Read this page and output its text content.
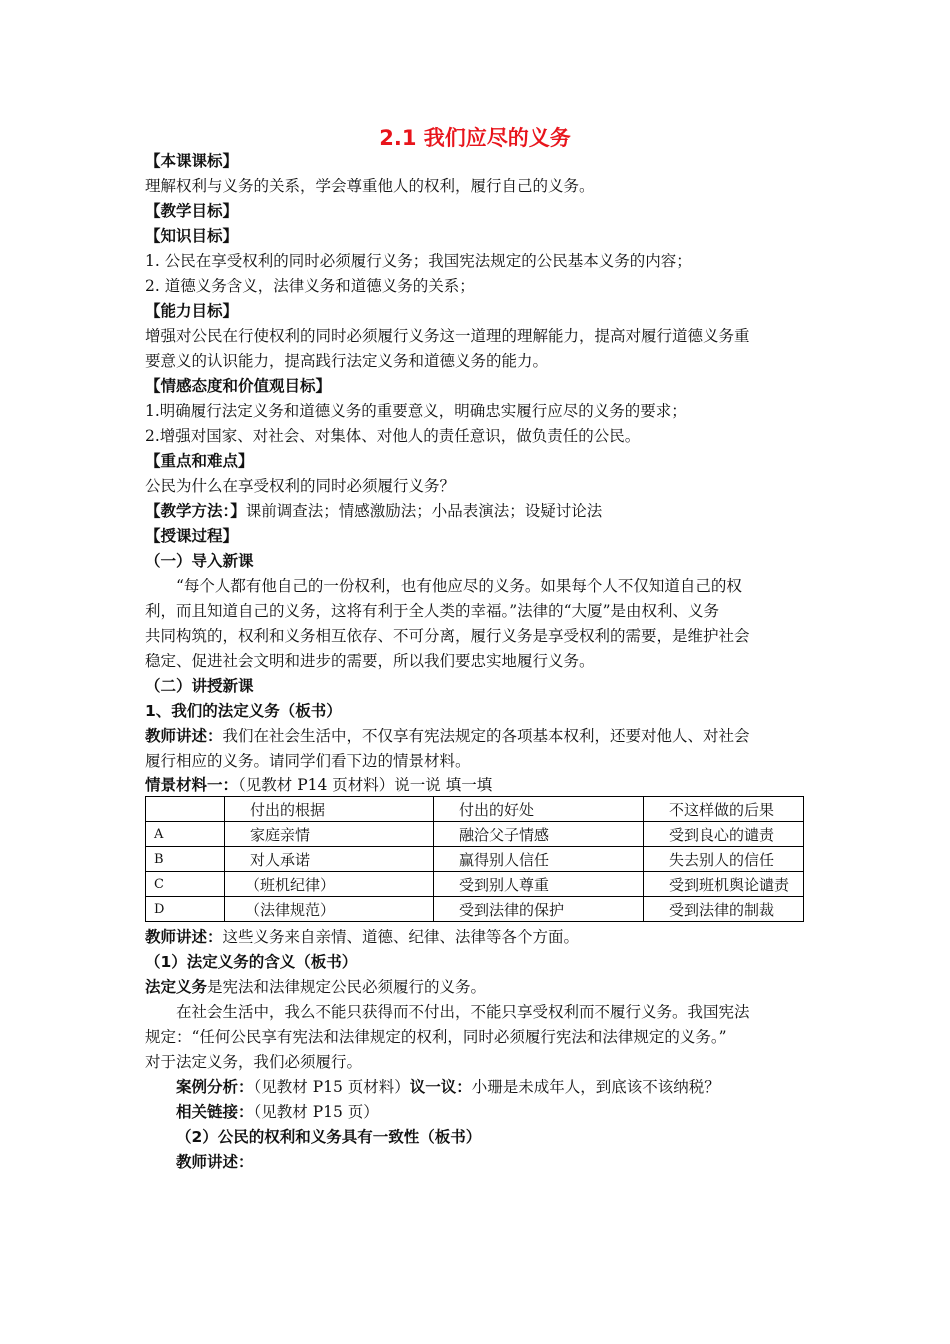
2.1 我们应尽的义务
【本课课标】
理解权利与义务的关系，学会尊重他人的权利，履行自己的义务。
【教学目标】
【知识目标】
1. 公民在享受权利的同时必须履行义务；我国宪法规定的公民基本义务的内容；
2. 道德义务含义，法律义务和道德义务的关系；
【能力目标】
增强对公民在行使权利的同时必须履行义务这一道理的理解能力，提高对履行道德义务重
要意义的认识能力，提高践行法定义务和道德义务的能力。
【情感态度和价值观目标】
1.明确履行法定义务和道德义务的重要意义，明确忠实履行应尽的义务的要求；
2.增强对国家、对社会、对集体、对他人的责任意识，做负责任的公民。
【重点和难点】
公民为什么在享受权利的同时必须履行义务？
【教学方法：】课前调查法；情感激励法；小品表演法；设疑讨论法
【授课过程】
（一）导入新课
“每个人都有他自己的一份权利，也有他应尽的义务。如果每个人不仅知道自己的权
利，而且知道自己的义务，这将有利于全人类的幸福。”法律的“大厦”是由权利、义务
共同构筑的，权利和义务相互依存、不可分离，履行义务是享受权利的需要，是维护社会
稳定、促进社会文明和进步的需要，所以我们要忠实地履行义务。
（二）讲授新课
1、我们的法定义务（板书）
教师讲述：我们在社会生活中，不仅享有宪法规定的各项基本权利，还要对他人、对社会
履行相应的义务。请同学们看下边的情景材料。
情景材料一：（见教材 P14 页材料）说一说 填一填
	付出的根据	付出的好处	不这样做的后果
A	家庭亲情	融洽父子情感	受到良心的谴责
B	对人承诺	赢得别人信任	失去别人的信任
C	（班机纪律）	受到别人尊重	受到班机舆论谴责
D	（法律规范）	受到法律的保护	受到法律的制裁
教师讲述：这些义务来自亲情、道德、纪律、法律等各个方面。
（1）法定义务的含义（板书）
法定义务是宪法和法律规定公民必须履行的义务。
在社会生活中，我么不能只获得而不付出，不能只享受权利而不履行义务。我国宪法
规定：“任何公民享有宪法和法律规定的权利，同时必须履行宪法和法律规定的义务。”
对于法定义务，我们必须履行。
案例分析：（见教材 P15 页材料）议一议：小珊是未成年人，到底该不该纳税？
相关链接：（见教材 P15 页）
（2）公民的权利和义务具有一致性（板书）
教师讲述：
